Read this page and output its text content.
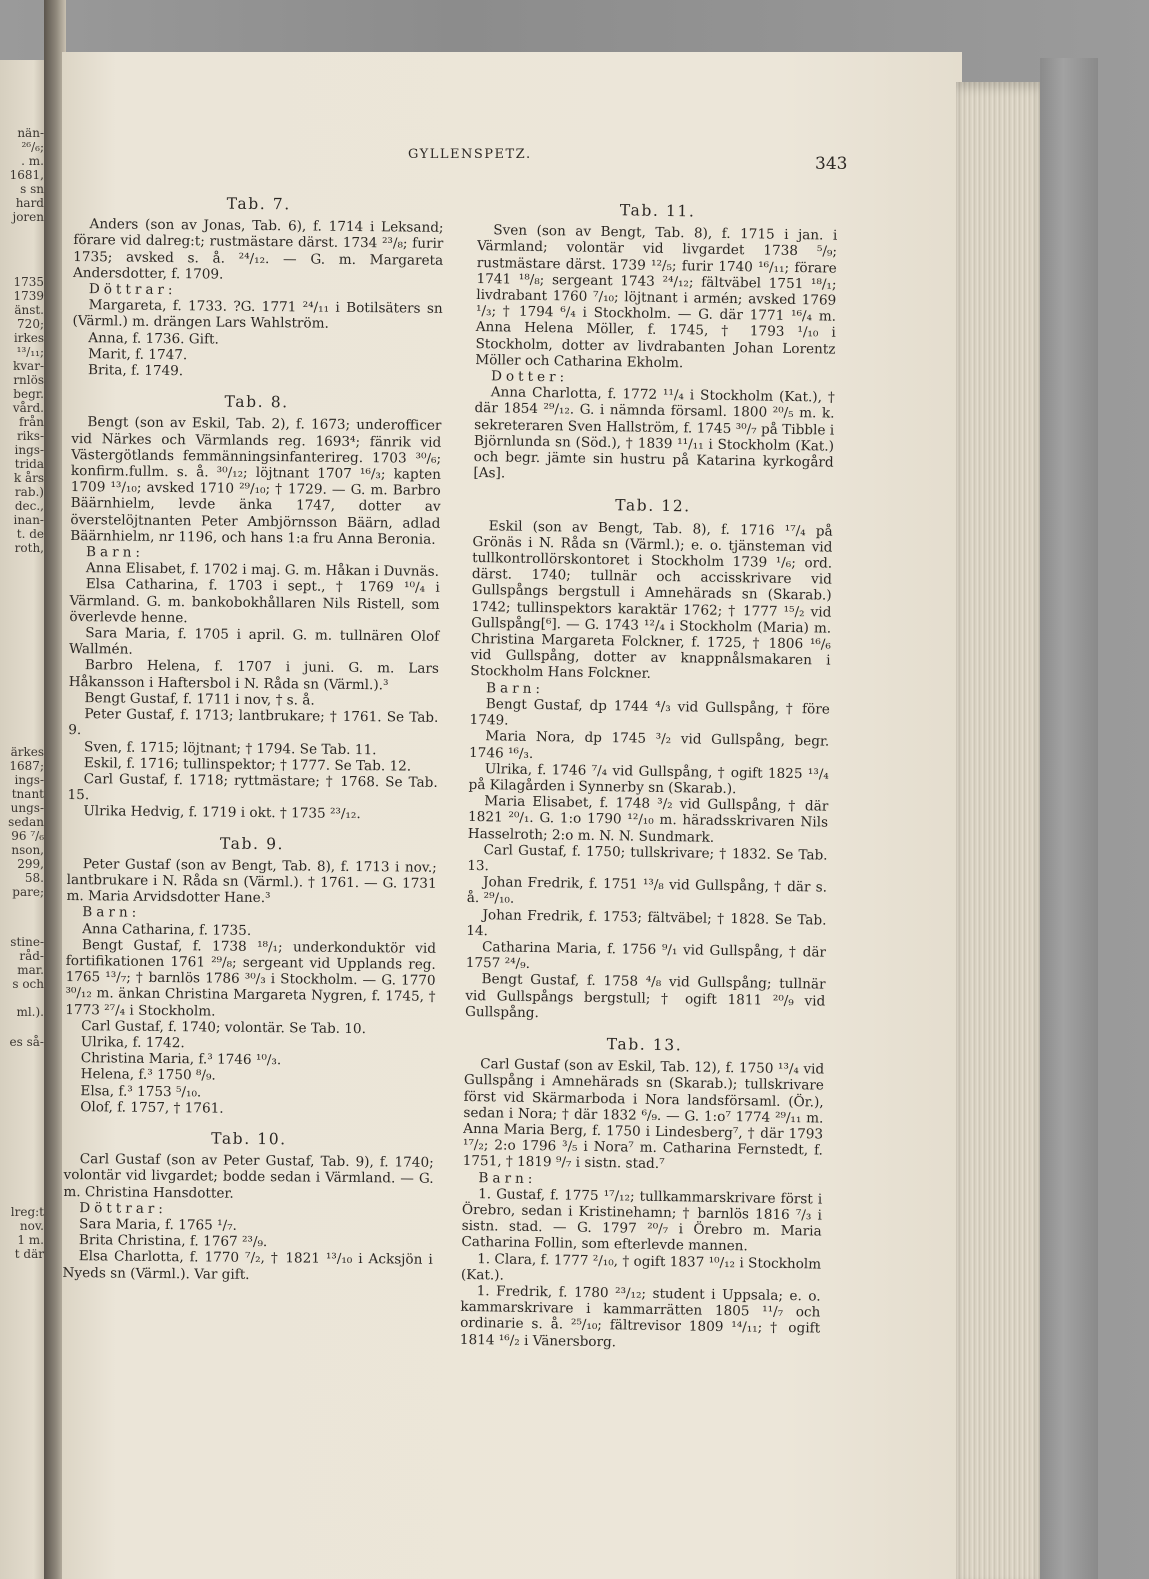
nän-
²⁶/₆;
. m.
1681,
s sn
hard
joren
1735
1739
änst.
720;
irkes
¹³/₁₁;
kvar-
rnlös
begr.
vård.
från
riks-
ings-
trida
k års
rab.)
dec.,
inan-
t. de
roth,
ärkes
1687;
ings-
tnant
ungs-
sedan
96 ⁷/₆
nson,
299,
58.
pare;
stine-
råd-
mar.
s och
ml.).
es så-
lreg:t
nov.
1 m.
t där
GYLLENSPETZ.	343
Tab. 7.

Anders (son av Jonas, Tab. 6), f. 1714 i Leksand; förare vid dalreg:t; rustmästare därst. 1734 ²³/₈; furir 1735; avsked s. å. ²⁴/₁₂. — G. m. Margareta Andersdotter, f. 1709.

Döttrar:

Margareta, f. 1733. ?G. 1771 ²⁴/₁₁ i Botilsäters sn (Värml.) m. drängen Lars Wahlström.

Anna, f. 1736. Gift.

Marit, f. 1747.

Brita, f. 1749.

Tab. 8.

Bengt (son av Eskil, Tab. 2), f. 1673; underofficer vid Närkes och Värmlands reg. 1693⁴; fänrik vid Västergötlands femmänningsinfanterireg. 1703 ³⁰/₆; konfirm.fullm. s. å. ³⁰/₁₂; löjtnant 1707 ¹⁶/₃; kapten 1709 ¹³/₁₀; avsked 1710 ²⁹/₁₀; † 1729. — G. m. Barbro Bäärnhielm, levde änka 1747, dotter av överstelöjtnanten Peter Ambjörnsson Bäärn, adlad Bäärnhielm, nr 1196, och hans 1:a fru Anna Beronia.

Barn:

Anna Elisabet, f. 1702 i maj. G. m. Håkan i Duvnäs.

Elsa Catharina, f. 1703 i sept., † 1769 ¹⁰/₄ i Värmland. G. m. bankobokhållaren Nils Ristell, som överlevde henne.

Sara Maria, f. 1705 i april. G. m. tullnären Olof Wallmén.

Barbro Helena, f. 1707 i juni. G. m. Lars Håkansson i Haftersbol i N. Råda sn (Värml.).³

Bengt Gustaf, f. 1711 i nov, † s. å.

Peter Gustaf, f. 1713; lantbrukare; † 1761. Se Tab. 9.

Sven, f. 1715; löjtnant; † 1794. Se Tab. 11.

Eskil, f. 1716; tullinspektor; † 1777. Se Tab. 12.

Carl Gustaf, f. 1718; ryttmästare; † 1768. Se Tab. 15.

Ulrika Hedvig, f. 1719 i okt. † 1735 ²³/₁₂.

Tab. 9.

Peter Gustaf (son av Bengt, Tab. 8), f. 1713 i nov.; lantbrukare i N. Råda sn (Värml.). † 1761. — G. 1731 m. Maria Arvidsdotter Hane.³

Barn:

Anna Catharina, f. 1735.

Bengt Gustaf, f. 1738 ¹⁸/₁; underkonduktör vid fortifikationen 1761 ²⁹/₈; sergeant vid Upplands reg. 1765 ¹³/₇; † barnlös 1786 ³⁰/₃ i Stockholm. — G. 1770 ³⁰/₁₂ m. änkan Christina Margareta Nygren, f. 1745, † 1773 ²⁷/₄ i Stockholm.

Carl Gustaf, f. 1740; volontär. Se Tab. 10.

Ulrika, f. 1742.

Christina Maria, f.³ 1746 ¹⁰/₃.

Helena, f.³ 1750 ⁸/₉.

Elsa, f.³ 1753 ⁵/₁₀.

Olof, f. 1757, † 1761.

Tab. 10.

Carl Gustaf (son av Peter Gustaf, Tab. 9), f. 1740; volontär vid livgardet; bodde sedan i Värmland. — G. m. Christina Hansdotter.

Döttrar:

Sara Maria, f. 1765 ¹/₇.

Brita Christina, f. 1767 ²³/₉.

Elsa Charlotta, f. 1770 ⁷/₂, † 1821 ¹³/₁₀ i Acksjön i Nyeds sn (Värml.). Var gift.

Tab. 11.

Sven (son av Bengt, Tab. 8), f. 1715 i jan. i Värmland; volontär vid livgardet 1738 ⁵/₉; rustmästare därst. 1739 ¹²/₅; furir 1740 ¹⁶/₁₁; förare 1741 ¹⁸/₈; sergeant 1743 ²⁴/₁₂; fältväbel 1751 ¹⁸/₁; livdrabant 1760 ⁷/₁₀; löjtnant i armén; avsked 1769 ¹/₃; † 1794 ⁶/₄ i Stockholm. — G. där 1771 ¹⁶/₄ m. Anna Helena Möller, f. 1745, † 1793 ¹/₁₀ i Stockholm, dotter av livdrabanten Johan Lorentz Möller och Catharina Ekholm.

Dotter:

Anna Charlotta, f. 1772 ¹¹/₄ i Stockholm (Kat.), † där 1854 ²⁹/₁₂. G. i nämnda församl. 1800 ²⁰/₅ m. k. sekreteraren Sven Hallström, f. 1745 ³⁰/₇ på Tibble i Björnlunda sn (Söd.), † 1839 ¹¹/₁₁ i Stockholm (Kat.) och begr. jämte sin hustru på Katarina kyrkogård [As].

Tab. 12.

Eskil (son av Bengt, Tab. 8), f. 1716 ¹⁷/₄ på Grönäs i N. Råda sn (Värml.); e. o. tjänsteman vid tullkontrollörskontoret i Stockholm 1739 ¹/₆; ord. därst. 1740; tullnär och accisskrivare vid Gullspångs bergstull i Amnehärads sn (Skarab.) 1742; tullinspektors karaktär 1762; † 1777 ¹⁵/₂ vid Gullspång[⁶]. — G. 1743 ¹²/₄ i Stockholm (Maria) m. Christina Margareta Folckner, f. 1725, † 1806 ¹⁶/₆ vid Gullspång, dotter av knappnålsmakaren i Stockholm Hans Folckner.

Barn:

Bengt Gustaf, dp 1744 ⁴/₃ vid Gullspång, † före 1749.

Maria Nora, dp 1745 ³/₂ vid Gullspång, begr. 1746 ¹⁶/₃.

Ulrika, f. 1746 ⁷/₄ vid Gullspång, † ogift 1825 ¹³/₄ på Kilagården i Synnerby sn (Skarab.).

Maria Elisabet, f. 1748 ³/₂ vid Gullspång, † där 1821 ²⁰/₁. G. 1:o 1790 ¹²/₁₀ m. häradsskrivaren Nils Hasselroth; 2:o m. N. N. Sundmark.

Carl Gustaf, f. 1750; tullskrivare; † 1832. Se Tab. 13.

Johan Fredrik, f. 1751 ¹³/₈ vid Gullspång, † där s. å. ²⁹/₁₀.

Johan Fredrik, f. 1753; fältväbel; † 1828. Se Tab. 14.

Catharina Maria, f. 1756 ⁹/₁ vid Gullspång, † där 1757 ²⁴/₉.

Bengt Gustaf, f. 1758 ⁴/₈ vid Gullspång; tullnär vid Gullspångs bergstull; † ogift 1811 ²⁰/₉ vid Gullspång.

Tab. 13.

Carl Gustaf (son av Eskil, Tab. 12), f. 1750 ¹³/₄ vid Gullspång i Amnehärads sn (Skarab.); tullskrivare först vid Skärmarboda i Nora landsförsaml. (Ör.), sedan i Nora; † där 1832 ⁶/₉. — G. 1:o⁷ 1774 ²⁹/₁₁ m. Anna Maria Berg, f. 1750 i Lindesberg⁷, † där 1793 ¹⁷/₂; 2:o 1796 ³/₅ i Nora⁷ m. Catharina Fernstedt, f. 1751, † 1819 ⁹/₇ i sistn. stad.⁷

Barn:

1. Gustaf, f. 1775 ¹⁷/₁₂; tullkammarskrivare först i Örebro, sedan i Kristinehamn; † barnlös 1816 ⁷/₃ i sistn. stad. — G. 1797 ²⁰/₇ i Örebro m. Maria Catharina Follin, som efterlevde mannen.

1. Clara, f. 1777 ²/₁₀, † ogift 1837 ¹⁰/₁₂ i Stockholm (Kat.).

1. Fredrik, f. 1780 ²³/₁₂; student i Uppsala; e. o. kammarskrivare i kammarrätten 1805 ¹¹/₇ och ordinarie s. å. ²⁵/₁₀; fältrevisor 1809 ¹⁴/₁₁; † ogift 1814 ¹⁶/₂ i Vänersborg.
